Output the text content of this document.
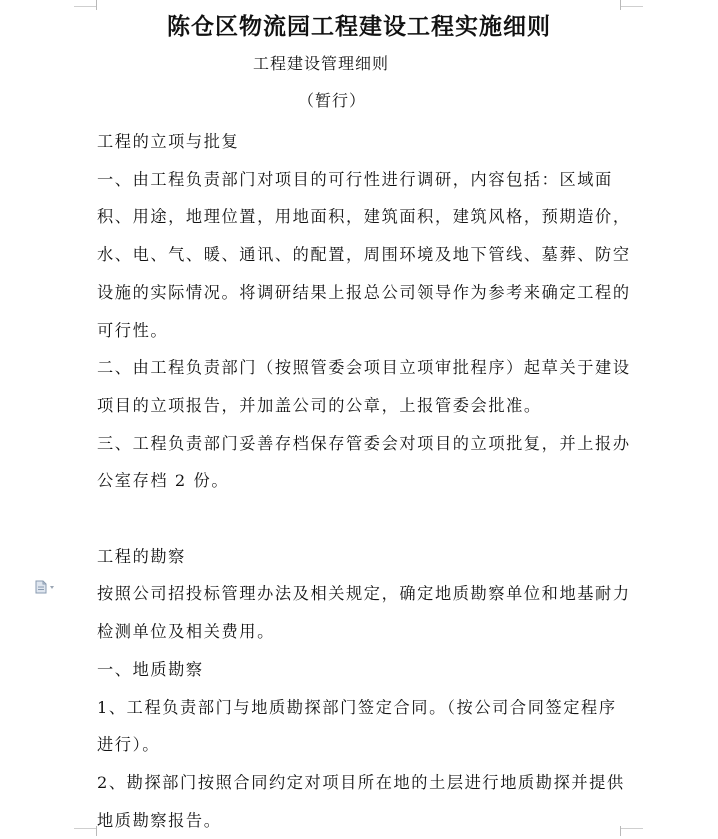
陈仓区物流园工程建设工程实施细则
工程建设管理细则
（暂行）

工程的立项与批复

一、由工程负责部门对项目的可行性进行调研，内容包括：区域面积、用途，地理位置，用地面积，建筑面积，建筑风格，预期造价，水、电、气、暖、通讯、的配置，周围环境及地下管线、墓葬、防空设施的实际情况。将调研结果上报总公司领导作为参考来确定工程的可行性。

二、由工程负责部门（按照管委会项目立项审批程序）起草关于建设项目的立项报告，并加盖公司的公章，上报管委会批准。

三、工程负责部门妥善存档保存管委会对项目的立项批复，并上报办公室存档 2 份。

工程的勘察

按照公司招投标管理办法及相关规定，确定地质勘察单位和地基耐力检测单位及相关费用。

一、地质勘察

1、工程负责部门与地质勘探部门签定合同。（按公司合同签定程序进行）。

2、勘探部门按照合同约定对项目所在地的土层进行地质勘探并提供地质勘察报告。
